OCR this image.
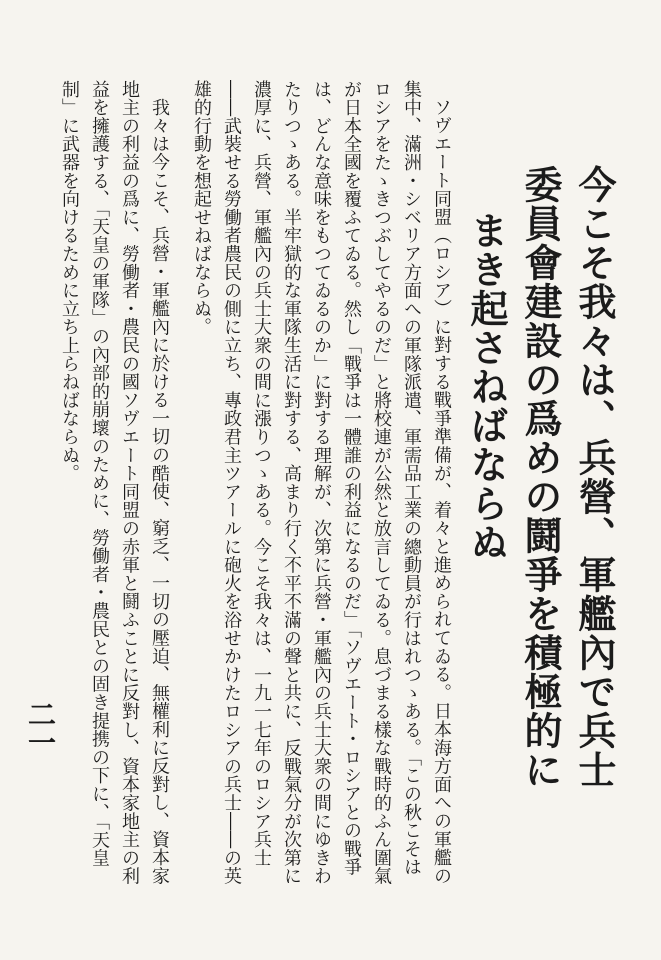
今こそ我々は、兵營、軍艦內で兵士
委員會建設の爲めの鬪爭を積極的に
まき起さねばならぬ
ソヴエート同盟（ロシア）に對する戰爭準備が、着々と進められてゐる。日本海方面への軍艦の
集中、滿洲・シベリア方面への軍隊派遣、軍需品工業の總動員が行はれつゝある。「この秋こそは
ロシアをたゝきつぶしてやるのだ」と將校連が公然と放言してゐる。息づまる樣な戰時的ふん圍氣
が日本全國を覆ふてゐる。然し「戰爭は一體誰の利益になるのだ」「ソヴエート・ロシアとの戰爭
は、どんな意味をもつてゐるのか」に對する理解が、次第に兵營・軍艦內の兵士大衆の間にゆきわ
たりつゝある。半牢獄的な軍隊生活に對する、高まり行く不平不滿の聲と共に、反戰氣分が次第に
濃厚に、兵營、軍艦內の兵士大衆の間に漲りつゝある。今こそ我々は、一九一七年のロシア兵士
――武裝せる勞働者農民の側に立ち、專政君主ツアールに砲火を浴せかけたロシアの兵士――の英
雄的行動を想起せねばならぬ。
我々は今こそ、兵營・軍艦內に於ける一切の酷使、窮乏、一切の壓迫、無權利に反對し、資本家
地主の利益の爲に、勞働者・農民の國ソヴエート同盟の赤軍と鬪ふことに反對し、資本家地主の利
益を擁護する、「天皇の軍隊」の內部的崩壞のために、勞働者・農民との固き提携の下に、「天皇
制」に武器を向けるために立ち上らねばならぬ。
二一
